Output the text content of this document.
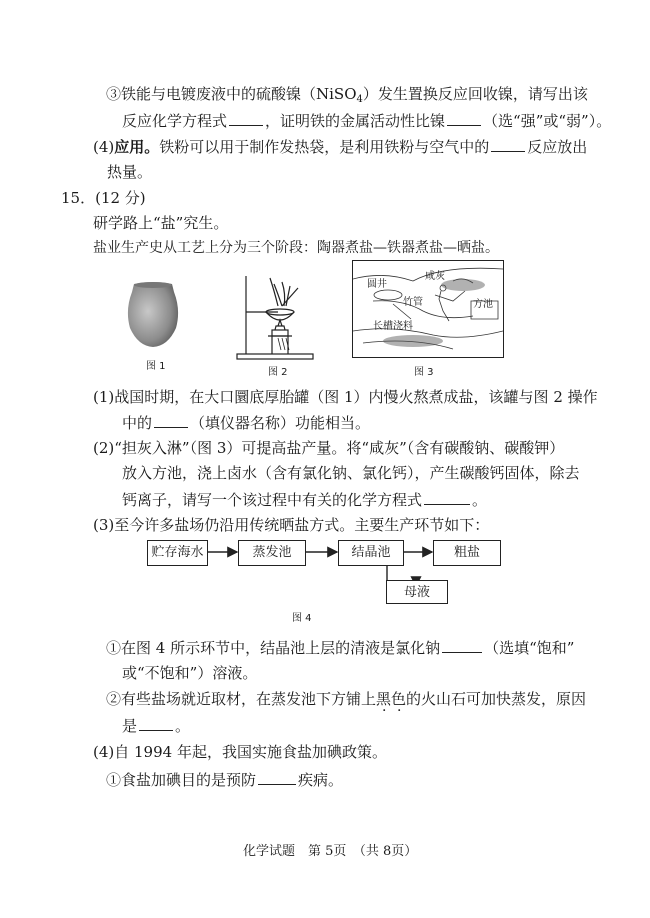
③铁能与电镀废液中的硫酸镍（NiSO$_4$）发生置换反应回收镍，请写出该
反应化学方程式	，证明铁的金属活动性比镍	（选“强”或“弱”）。
(4)应用。铁粉可以用于制作发热袋，是利用铁粉与空气中的	反应放出
热量。
15．(12 分)
研学路上“盐”究生。
盐业生产史从工艺上分为三个阶段：陶器煮盐—铁器煮盐—晒盐。
图 1
图 2
圆井
咸灰
竹管	方池
长槽浇料
图 3
(1)战国时期，在大口圜底厚胎罐（图 1）内慢火熬煮成盐，该罐与图 2 操作
中的	（填仪器名称）功能相当。
(2)“担灰入淋”（图 3）可提高盐产量。将“咸灰”（含有碳酸钠、碳酸钾）
放入方池，浇上卤水（含有氯化钠、氯化钙），产生碳酸钙固体，除去
钙离子，请写一个该过程中有关的化学方程式	。
(3)至今许多盐场仍沿用传统晒盐方式。主要生产环节如下：
贮存海水	蒸发池	结晶池	粗盐
母液
图 4
①在图 4 所示环节中，结晶池上层的清液是氯化钠	（选填“饱和”
或“不饱和”）溶液。
②有些盐场就近取材，在蒸发池下方铺上黑色的火山石可加快蒸发，原因
是	。
(4)自 1994 年起，我国实施食盐加碘政策。
①食盐加碘目的是预防	疾病。
化学试题　第 5页　（共 8页）
